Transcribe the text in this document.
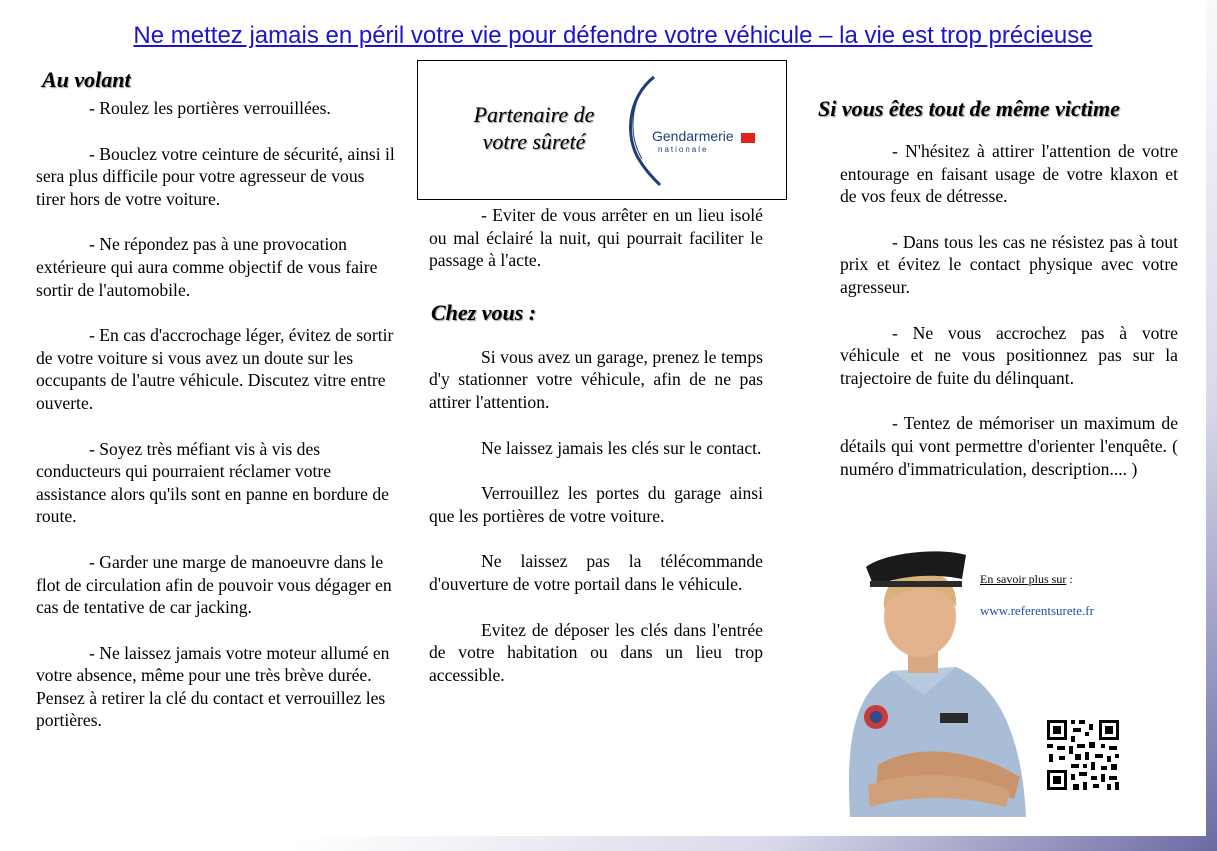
Ne mettez jamais en péril votre vie pour défendre votre véhicule – la vie est trop précieuse
Au volant

- Roulez les portières verrouillées.

- Bouclez votre ceinture de sécurité, ainsi il sera plus difficile pour votre agresseur de vous tirer hors de votre voiture.

- Ne répondez pas à une provocation extérieure qui aura comme objectif de vous faire sortir de l'automobile.

- En cas d'accrochage léger, évitez de sortir de votre voiture si vous avez un doute sur les occupants de l'autre véhicule. Discutez vitre entre ouverte.

- Soyez très méfiant vis à vis des conducteurs qui pourraient réclamer votre assistance alors qu'ils sont en panne en bordure de route.

- Garder une marge de manoeuvre dans le flot de circulation afin de pouvoir vous dégager en cas de tentative de car jacking.

- Ne laissez jamais votre moteur allumé en votre absence, même pour une très brève durée. Pensez à retirer la clé du contact et verrouillez les portières.

Partenaire de
votre sûreté	Gendarmerie
nationale

- Eviter de vous arrêter en un lieu isolé ou mal éclairé la nuit, qui pourrait faciliter le passage à l'acte.

Chez vous :

Si vous avez un garage, prenez le temps d'y stationner votre véhicule, afin de ne pas attirer l'attention.

Ne laissez jamais les clés sur le contact.

Verrouillez les portes du garage ainsi que les portières de votre voiture.

Ne laissez pas la télécommande d'ouverture de votre portail dans le véhicule.

Evitez de déposer les clés dans l'entrée de votre habitation ou dans un lieu trop accessible.

Si vous êtes tout de même victime

- N'hésitez à attirer l'attention de votre entourage en faisant usage de votre klaxon et de vos feux de détresse.

- Dans tous les cas ne résistez pas à tout prix et évitez le contact physique avec votre agresseur.

- Ne vous accrochez pas à votre véhicule et ne vous positionnez pas sur la trajectoire de fuite du délinquant.

- Tentez de mémoriser un maximum de détails qui vont permettre d'orienter l'enquête. ( numéro d'immatriculation, description.... )

En savoir plus sur :
www.referentsurete.fr
